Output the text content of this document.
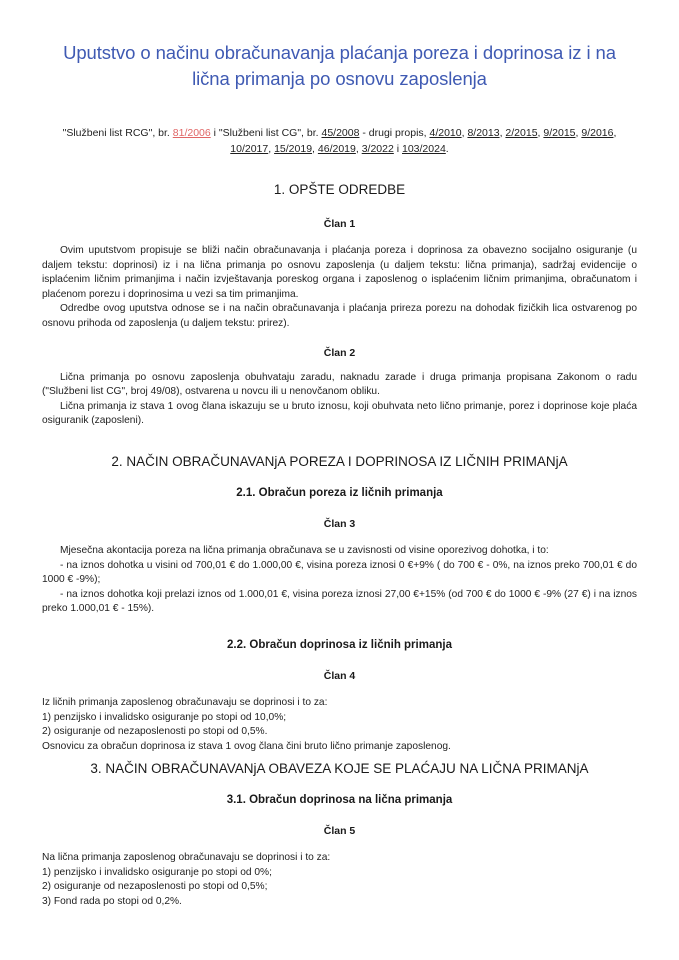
Uputstvo o načinu obračunavanja plaćanja poreza i doprinosa iz i na lična primanja po osnovu zaposlenja

"Službeni list RCG", br. 81/2006 i "Službeni list CG", br. 45/2008 - drugi propis, 4/2010, 8/2013, 2/2015, 9/2015, 9/2016, 10/2017, 15/2019, 46/2019, 3/2022 i 103/2024.

1. OPŠTE ODREDBE
Član 1

Ovim uputstvom propisuje se bliži način obračunavanja i plaćanja poreza i doprinosa za obavezno socijalno osiguranje (u daljem tekstu: doprinosi) iz i na lična primanja po osnovu zaposlenja (u daljem tekstu: lična primanja), sadržaj evidencije o isplaćenim ličnim primanjima i način izvještavanja poreskog organa i zaposlenog o isplaćenim ličnim primanjima, obračunatom i plaćenom porezu i doprinosima u vezi sa tim primanjima.

Odredbe ovog uputstva odnose se i na način obračunavanja i plaćanja prireza porezu na dohodak fizičkih lica ostvarenog po osnovu prihoda od zaposlenja (u daljem tekstu: prirez).

Član 2

Lična primanja po osnovu zaposlenja obuhvataju zaradu, naknadu zarade i druga primanja propisana Zakonom o radu ("Službeni list CG", broj 49/08), ostvarena u novcu ili u nenovčanom obliku.

Lična primanja iz stava 1 ovog člana iskazuju se u bruto iznosu, koji obuhvata neto lično primanje, porez i doprinose koje plaća osiguranik (zaposleni).

2. NAČIN OBRAČUNAVANjA POREZA I DOPRINOSA IZ LIČNIH PRIMANjA
2.1. Obračun poreza iz ličnih primanja
Član 3

Mjesečna akontacija poreza na lična primanja obračunava se u zavisnosti od visine oporezivog dohotka, i to:

- na iznos dohotka u visini od 700,01 € do 1.000,00 €, visina poreza iznosi 0 €+9% ( do 700 € - 0%, na iznos preko 700,01 € do 1000 € -9%);

- na iznos dohotka koji prelazi iznos od 1.000,01 €, visina poreza iznosi 27,00 €+15% (od 700 € do 1000 € -9% (27 €) i na iznos preko 1.000,01 € - 15%).

2.2. Obračun doprinosa iz ličnih primanja
Član 4

Iz ličnih primanja zaposlenog obračunavaju se doprinosi i to za:

1) penzijsko i invalidsko osiguranje po stopi od 10,0%;

2) osiguranje od nezaposlenosti po stopi od 0,5%.

Osnovicu za obračun doprinosa iz stava 1 ovog člana čini bruto lično primanje zaposlenog.

3. NAČIN OBRAČUNAVANjA OBAVEZA KOJE SE PLAĆAJU NA LIČNA PRIMANjA
3.1. Obračun doprinosa na lična primanja
Član 5

Na lična primanja zaposlenog obračunavaju se doprinosi i to za:

1) penzijsko i invalidsko osiguranje po stopi od 0%;

2) osiguranje od nezaposlenosti po stopi od 0,5%;

3) Fond rada po stopi od 0,2%.
